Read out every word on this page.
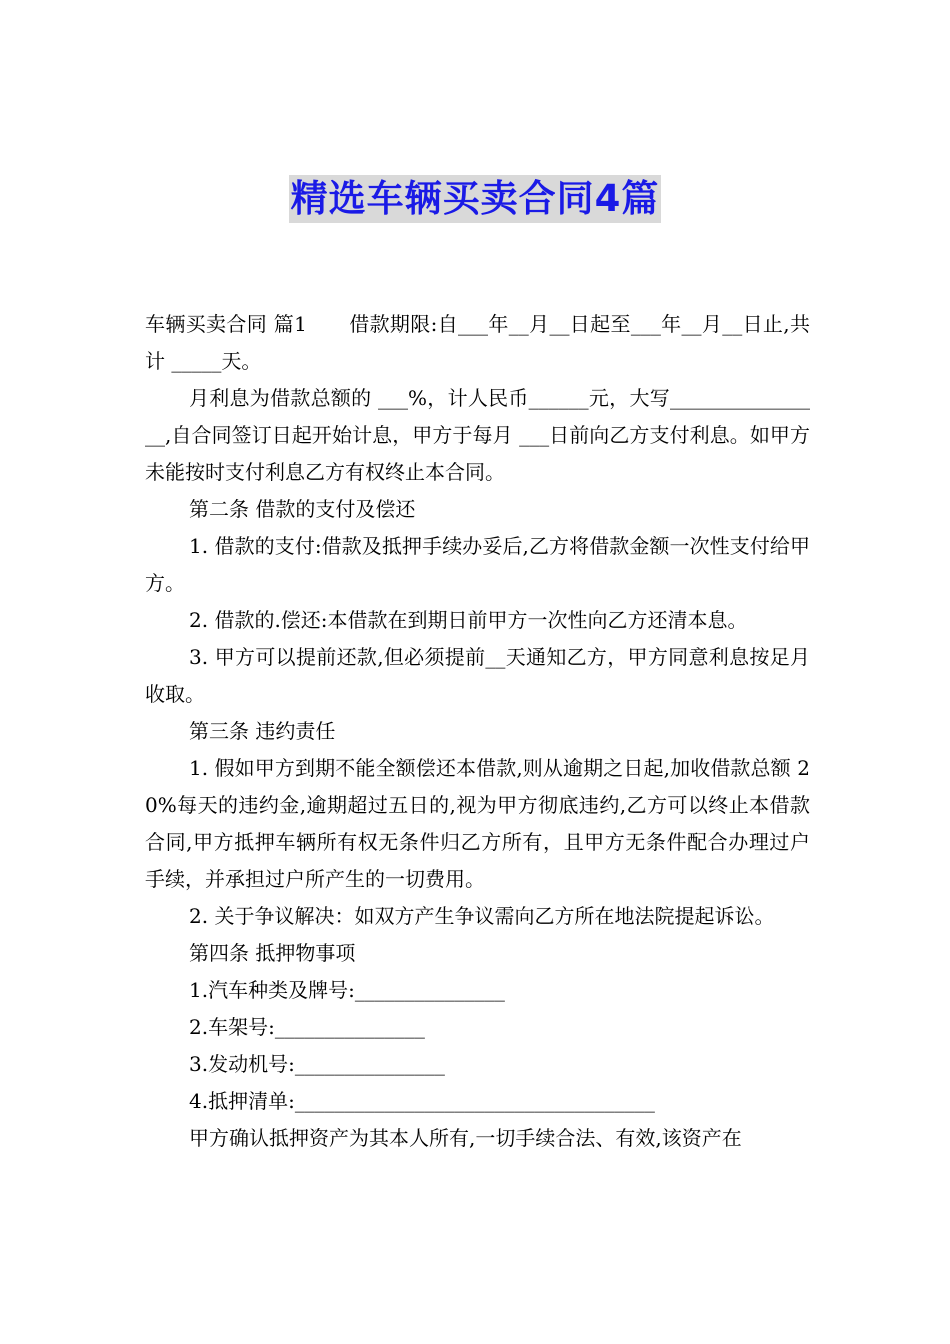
精选车辆买卖合同4篇

车辆买卖合同 篇1 借款期限:自___年__月__日起至___年__月__日止,共计 _____天。

月利息为借款总额的 ___%，计人民币______元，大写________________,自合同签订日起开始计息，甲方于每月 ___日前向乙方支付利息。如甲方未能按时支付利息乙方有权终止本合同。

第二条 借款的支付及偿还

1. 借款的支付:借款及抵押手续办妥后,乙方将借款金额一次性支付给甲方。

2. 借款的.偿还:本借款在到期日前甲方一次性向乙方还清本息。

3. 甲方可以提前还款,但必须提前__天通知乙方，甲方同意利息按足月收取。

第三条 违约责任

1. 假如甲方到期不能全额偿还本借款,则从逾期之日起,加收借款总额 20%每天的违约金,逾期超过五日的,视为甲方彻底违约,乙方可以终止本借款合同,甲方抵押车辆所有权无条件归乙方所有，且甲方无条件配合办理过户手续，并承担过户所产生的一切费用。

2. 关于争议解决：如双方产生争议需向乙方所在地法院提起诉讼。

第四条 抵押物事项

1.汽车种类及牌号:_______________

2.车架号:_______________

3.发动机号:_______________

4.抵押清单:____________________________________

甲方确认抵押资产为其本人所有,一切手续合法、有效,该资产在
